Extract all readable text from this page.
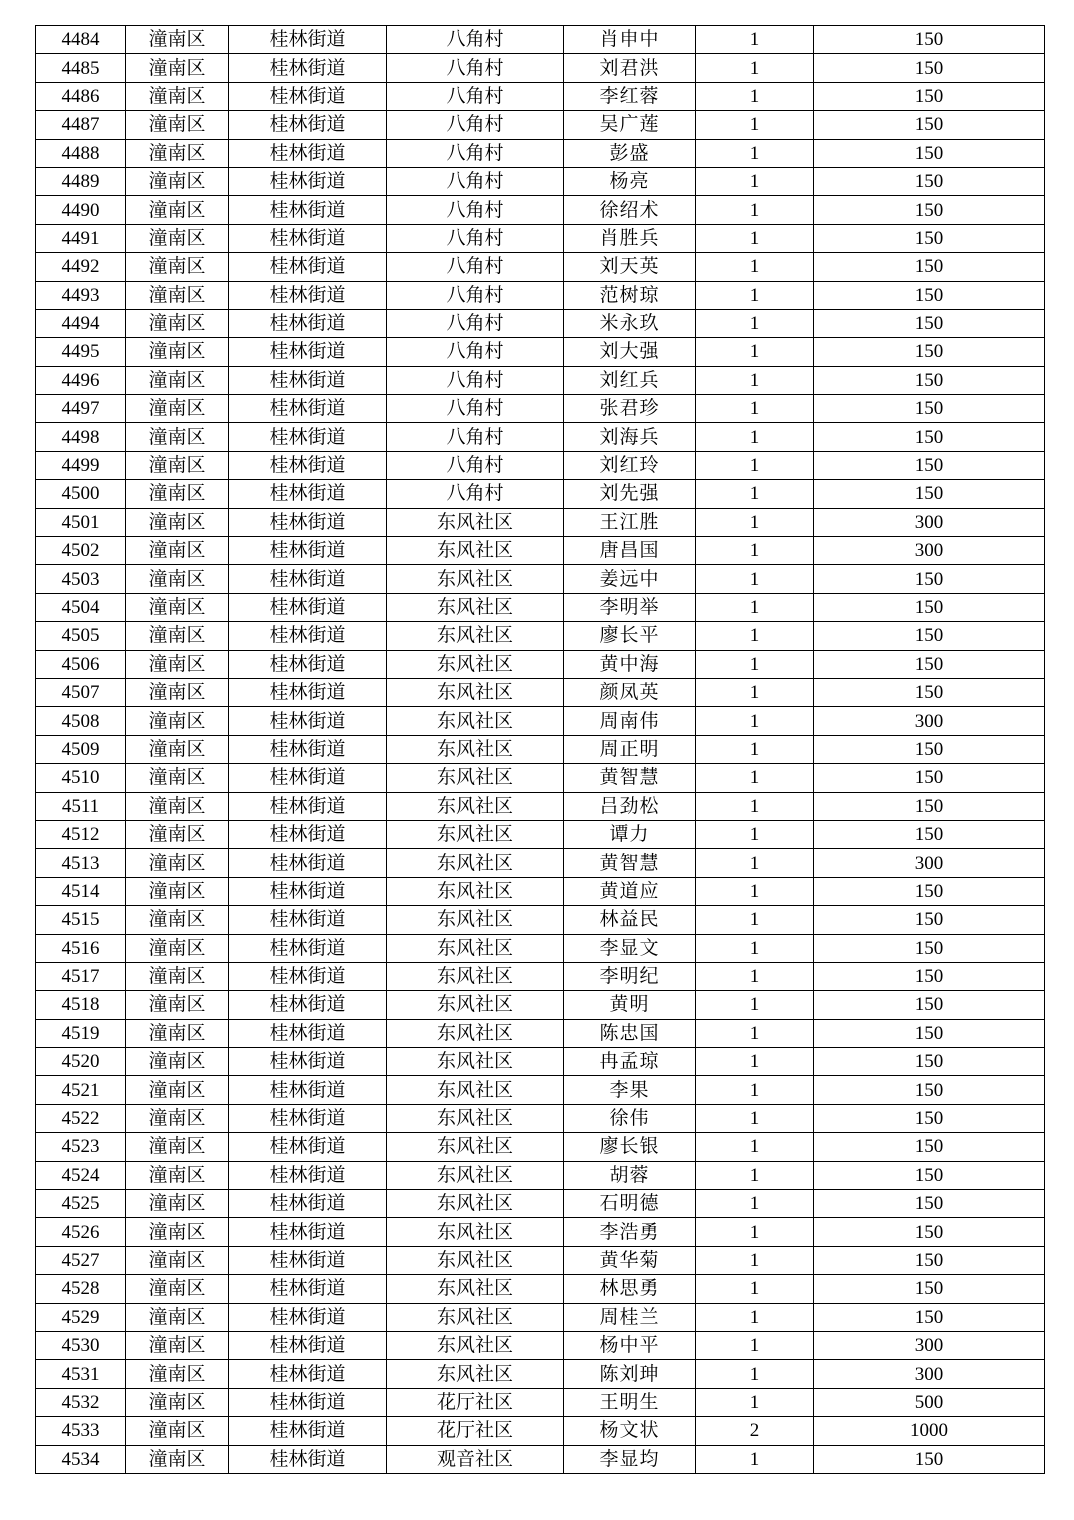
4484	潼南区	桂林街道	八角村	肖申中	1	150
4485	潼南区	桂林街道	八角村	刘君洪	1	150
4486	潼南区	桂林街道	八角村	李红蓉	1	150
4487	潼南区	桂林街道	八角村	吴广莲	1	150
4488	潼南区	桂林街道	八角村	彭盛	1	150
4489	潼南区	桂林街道	八角村	杨亮	1	150
4490	潼南区	桂林街道	八角村	徐绍术	1	150
4491	潼南区	桂林街道	八角村	肖胜兵	1	150
4492	潼南区	桂林街道	八角村	刘天英	1	150
4493	潼南区	桂林街道	八角村	范树琼	1	150
4494	潼南区	桂林街道	八角村	米永玖	1	150
4495	潼南区	桂林街道	八角村	刘大强	1	150
4496	潼南区	桂林街道	八角村	刘红兵	1	150
4497	潼南区	桂林街道	八角村	张君珍	1	150
4498	潼南区	桂林街道	八角村	刘海兵	1	150
4499	潼南区	桂林街道	八角村	刘红玲	1	150
4500	潼南区	桂林街道	八角村	刘先强	1	150
4501	潼南区	桂林街道	东风社区	王江胜	1	300
4502	潼南区	桂林街道	东风社区	唐昌国	1	300
4503	潼南区	桂林街道	东风社区	姜远中	1	150
4504	潼南区	桂林街道	东风社区	李明举	1	150
4505	潼南区	桂林街道	东风社区	廖长平	1	150
4506	潼南区	桂林街道	东风社区	黄中海	1	150
4507	潼南区	桂林街道	东风社区	颜凤英	1	150
4508	潼南区	桂林街道	东风社区	周南伟	1	300
4509	潼南区	桂林街道	东风社区	周正明	1	150
4510	潼南区	桂林街道	东风社区	黄智慧	1	150
4511	潼南区	桂林街道	东风社区	吕劲松	1	150
4512	潼南区	桂林街道	东风社区	谭力	1	150
4513	潼南区	桂林街道	东风社区	黄智慧	1	300
4514	潼南区	桂林街道	东风社区	黄道应	1	150
4515	潼南区	桂林街道	东风社区	林益民	1	150
4516	潼南区	桂林街道	东风社区	李显文	1	150
4517	潼南区	桂林街道	东风社区	李明纪	1	150
4518	潼南区	桂林街道	东风社区	黄明	1	150
4519	潼南区	桂林街道	东风社区	陈忠国	1	150
4520	潼南区	桂林街道	东风社区	冉孟琼	1	150
4521	潼南区	桂林街道	东风社区	李果	1	150
4522	潼南区	桂林街道	东风社区	徐伟	1	150
4523	潼南区	桂林街道	东风社区	廖长银	1	150
4524	潼南区	桂林街道	东风社区	胡蓉	1	150
4525	潼南区	桂林街道	东风社区	石明德	1	150
4526	潼南区	桂林街道	东风社区	李浩勇	1	150
4527	潼南区	桂林街道	东风社区	黄华菊	1	150
4528	潼南区	桂林街道	东风社区	林思勇	1	150
4529	潼南区	桂林街道	东风社区	周桂兰	1	150
4530	潼南区	桂林街道	东风社区	杨中平	1	300
4531	潼南区	桂林街道	东风社区	陈刘珅	1	300
4532	潼南区	桂林街道	花厅社区	王明生	1	500
4533	潼南区	桂林街道	花厅社区	杨文状	2	1000
4534	潼南区	桂林街道	观音社区	李显均	1	150
